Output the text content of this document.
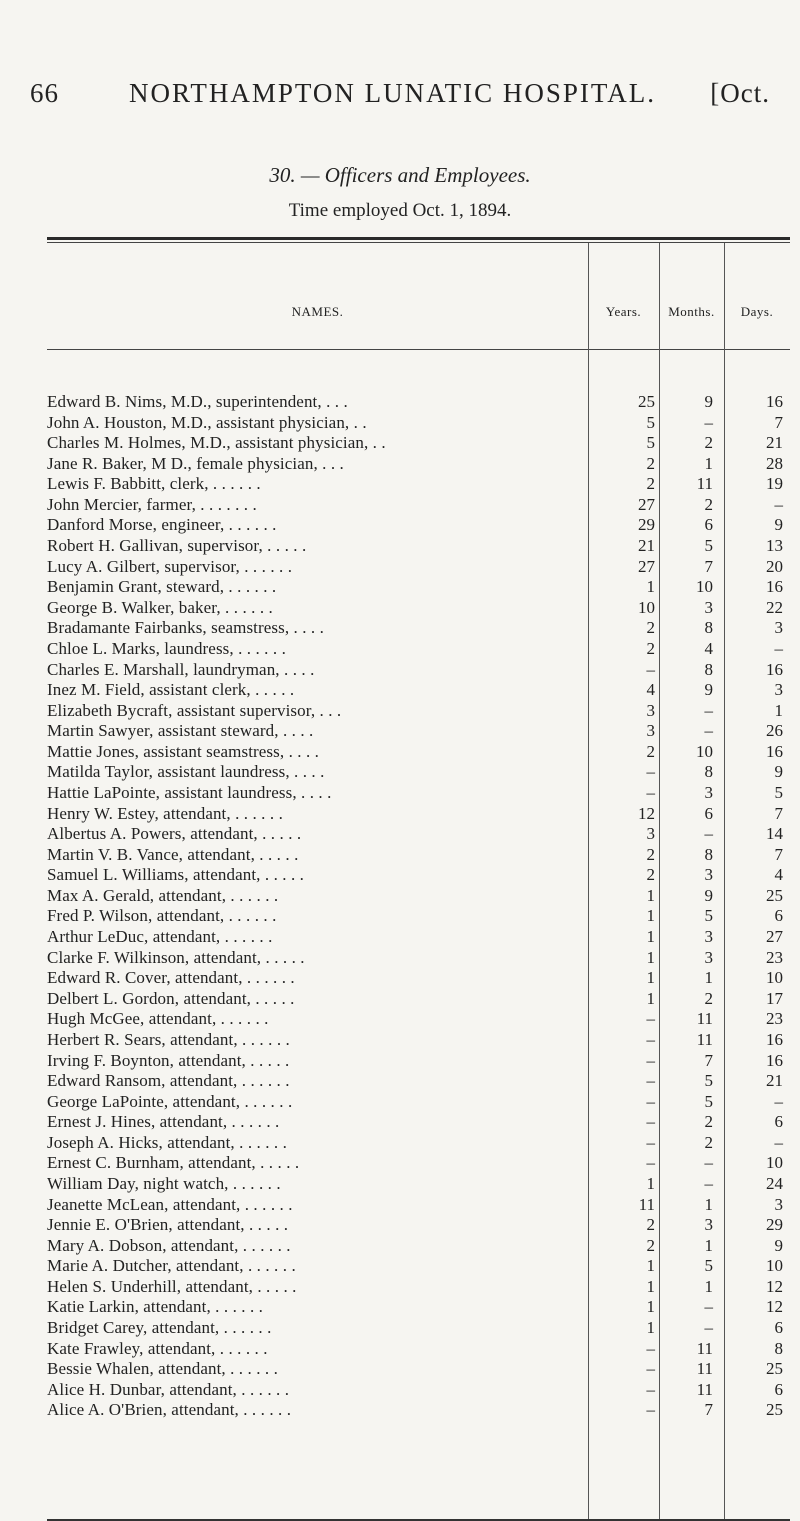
66	NORTHAMPTON LUNATIC HOSPITAL. [Oct.
30. — Officers and Employees.
Time employed Oct. 1, 1894.
NAMES.	Years.	Months.	Days.
Edward B. Nims, M.D., superintendent, . . .	25	9	16
John A. Houston, M.D., assistant physician, . .	5	–	7
Charles M. Holmes, M.D., assistant physician, . .	5	2	21
Jane R. Baker, M D., female physician, . . .	2	1	28
Lewis F. Babbitt, clerk, . . . . . .	2	11	19
John Mercier, farmer, . . . . . . .	27	2	–
Danford Morse, engineer, . . . . . .	29	6	9
Robert H. Gallivan, supervisor, . . . . .	21	5	13
Lucy A. Gilbert, supervisor, . . . . . .	27	7	20
Benjamin Grant, steward, . . . . . .	1	10	16
George B. Walker, baker, . . . . . .	10	3	22
Bradamante Fairbanks, seamstress, . . . .	2	8	3
Chloe L. Marks, laundress, . . . . . .	2	4	–
Charles E. Marshall, laundryman, . . . .	–	8	16
Inez M. Field, assistant clerk, . . . . .	4	9	3
Elizabeth Bycraft, assistant supervisor, . . .	3	–	1
Martin Sawyer, assistant steward, . . . .	3	–	26
Mattie Jones, assistant seamstress, . . . .	2	10	16
Matilda Taylor, assistant laundress, . . . .	–	8	9
Hattie LaPointe, assistant laundress, . . . .	–	3	5
Henry W. Estey, attendant, . . . . . .	12	6	7
Albertus A. Powers, attendant, . . . . .	3	–	14
Martin V. B. Vance, attendant, . . . . .	2	8	7
Samuel L. Williams, attendant, . . . . .	2	3	4
Max A. Gerald, attendant, . . . . . .	1	9	25
Fred P. Wilson, attendant, . . . . . .	1	5	6
Arthur LeDuc, attendant, . . . . . .	1	3	27
Clarke F. Wilkinson, attendant, . . . . .	1	3	23
Edward R. Cover, attendant, . . . . . .	1	1	10
Delbert L. Gordon, attendant, . . . . .	1	2	17
Hugh McGee, attendant, . . . . . .	–	11	23
Herbert R. Sears, attendant, . . . . . .	–	11	16
Irving F. Boynton, attendant, . . . . .	–	7	16
Edward Ransom, attendant, . . . . . .	–	5	21
George LaPointe, attendant, . . . . . .	–	5	–
Ernest J. Hines, attendant, . . . . . .	–	2	6
Joseph A. Hicks, attendant, . . . . . .	–	2	–
Ernest C. Burnham, attendant, . . . . .	–	–	10
William Day, night watch, . . . . . .	1	–	24
Jeanette McLean, attendant, . . . . . .	11	1	3
Jennie E. O'Brien, attendant, . . . . .	2	3	29
Mary A. Dobson, attendant, . . . . . .	2	1	9
Marie A. Dutcher, attendant, . . . . . .	1	5	10
Helen S. Underhill, attendant, . . . . .	1	1	12
Katie Larkin, attendant, . . . . . .	1	–	12
Bridget Carey, attendant, . . . . . .	1	–	6
Kate Frawley, attendant, . . . . . .	–	11	8
Bessie Whalen, attendant, . . . . . .	–	11	25
Alice H. Dunbar, attendant, . . . . . .	–	11	6
Alice A. O'Brien, attendant, . . . . . .	–	7	25
